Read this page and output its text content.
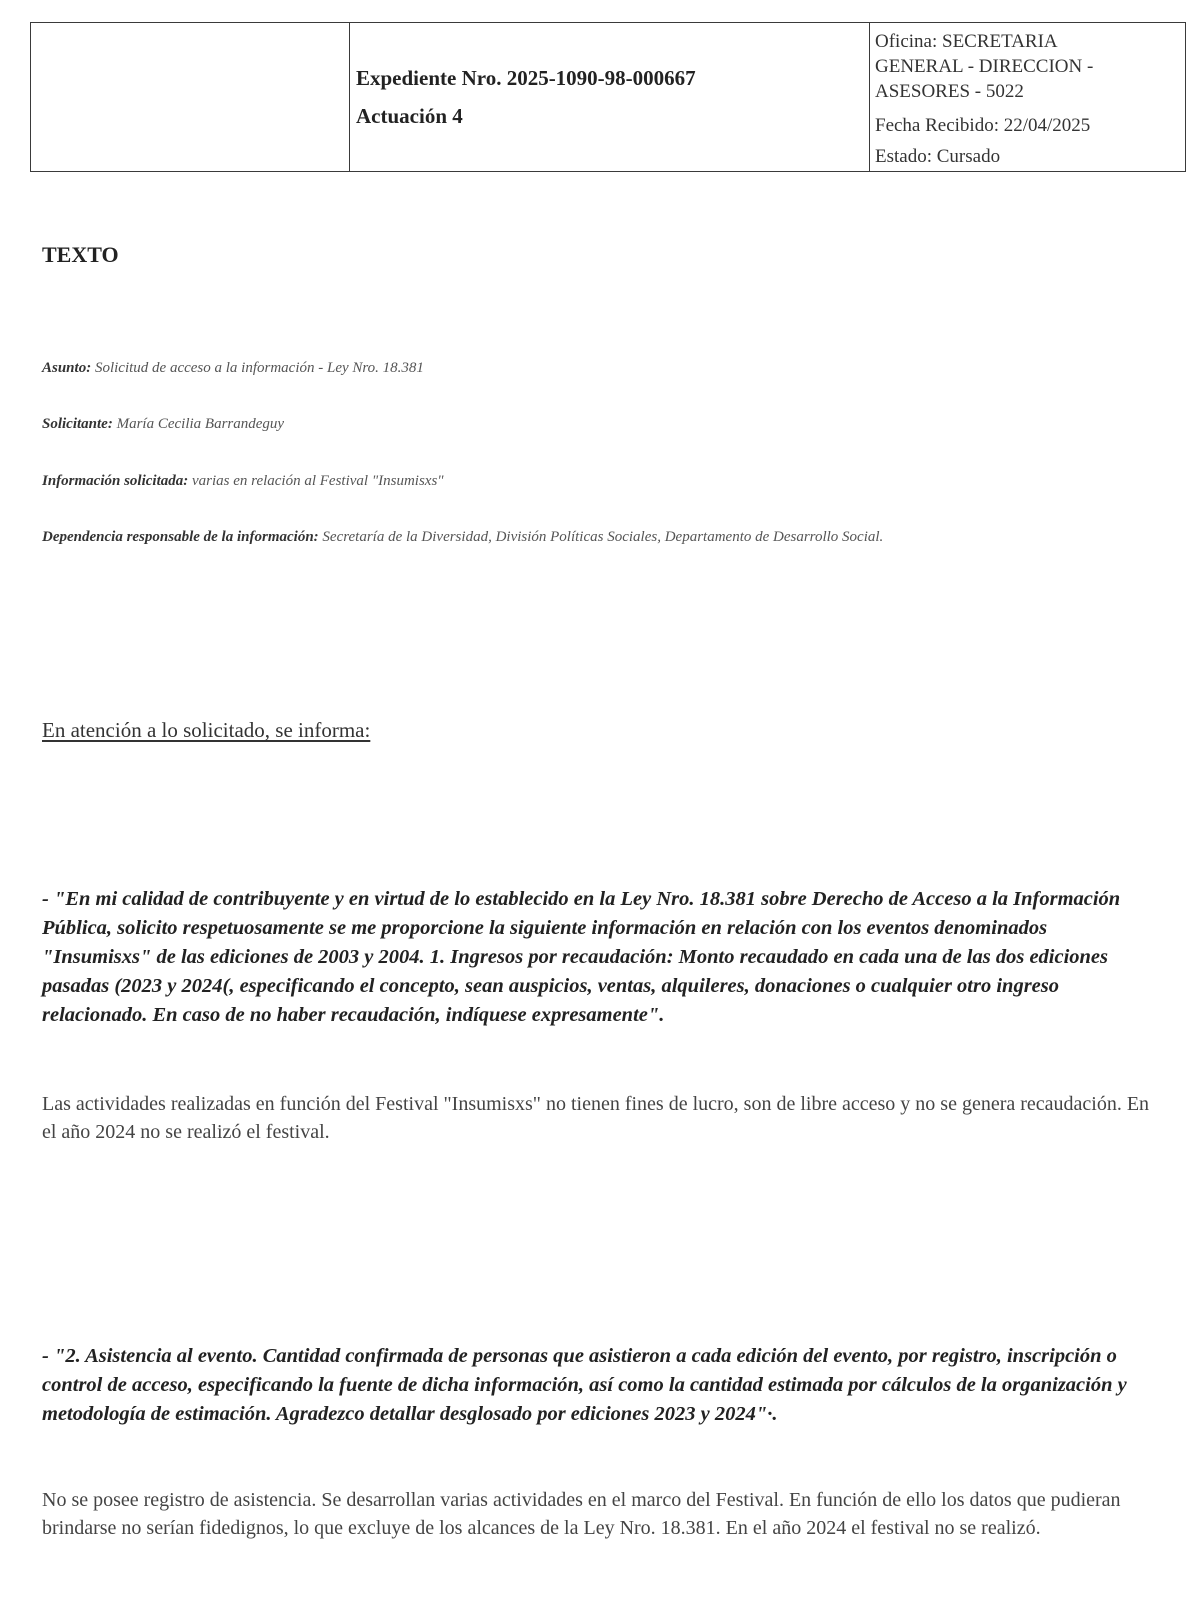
Expediente Nro. 2025-1090-98-000667
Actuación 4
Oficina: SECRETARIA GENERAL - DIRECCION - ASESORES - 5022
Fecha Recibido: 22/04/2025
Estado: Cursado
TEXTO
Asunto: Solicitud de acceso a la información - Ley Nro. 18.381
Solicitante: María Cecilia Barrandeguy
Información solicitada: varias en relación al Festival "Insumisxs"
Dependencia responsable de la información: Secretaría de la Diversidad, División Políticas Sociales, Departamento de Desarrollo Social.
En atención a lo solicitado, se informa:
- "En mi calidad de contribuyente y en virtud de lo establecido en la Ley Nro. 18.381 sobre Derecho de Acceso a la Información Pública, solicito respetuosamente se me proporcione la siguiente información en relación con los eventos denominados "Insumisxs" de las ediciones de 2003 y 2004. 1. Ingresos por recaudación: Monto recaudado en cada una de las dos ediciones pasadas (2023 y 2024(, especificando el concepto, sean auspicios, ventas, alquileres, donaciones o cualquier otro ingreso relacionado. En caso de no haber recaudación, indíquese expresamente".
Las actividades realizadas en función del Festival "Insumisxs" no tienen fines de lucro, son de libre acceso y no se genera recaudación. En el año 2024 no se realizó el festival.
- "2. Asistencia al evento. Cantidad confirmada de personas que asistieron a cada edición del evento, por registro, inscripción o control de acceso, especificando la fuente de dicha información, así como la cantidad estimada por cálculos de la organización y metodología de estimación. Agradezco detallar desglosado por ediciones 2023 y 2024"·.
No se posee registro de asistencia. Se desarrollan varias actividades en el marco del Festival. En función de ello los datos que pudieran brindarse no serían fidedignos, lo que excluye de los alcances de la Ley Nro. 18.381. En el año 2024 el festival no se realizó.
